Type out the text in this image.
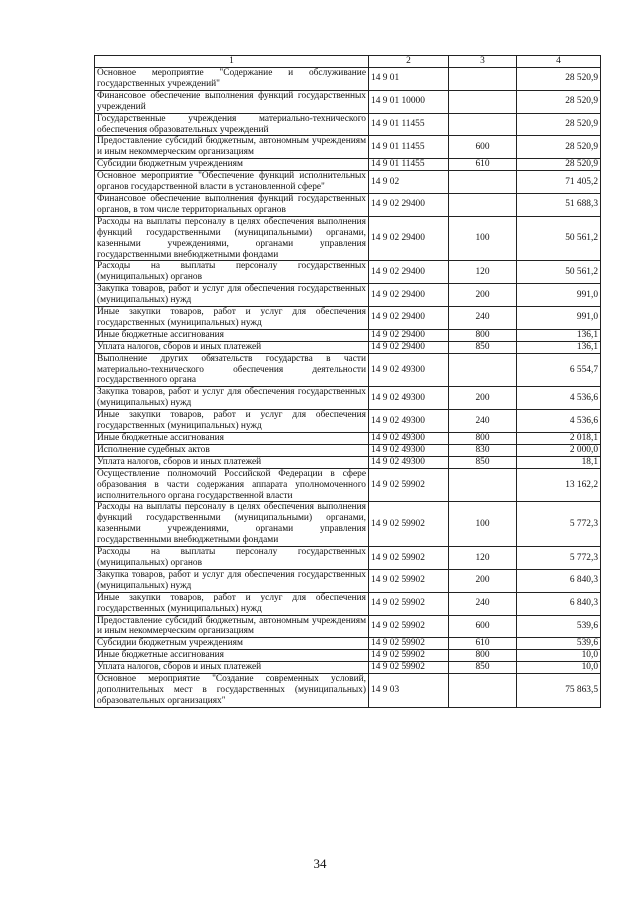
1	2	3	4
Основное мероприятие "Содержание и обслуживание государственных учреждений"	14 9 01		28 520,9
Финансовое обеспечение выполнения функций государственных учреждений	14 9 01 10000		28 520,9
Государственные учреждения материально-технического обеспечения образовательных учреждений	14 9 01 11455		28 520,9
Предоставление субсидий бюджетным, автономным учреждениям и иным некоммерческим организациям	14 9 01 11455	600	28 520,9
Субсидии бюджетным учреждениям	14 9 01 11455	610	28 520,9
Основное мероприятие "Обеспечение функций исполнительных органов государственной власти в установленной сфере"	14 9 02		71 405,2
Финансовое обеспечение выполнения функций государственных органов, в том числе территориальных органов	14 9 02 29400		51 688,3
Расходы на выплаты персоналу в целях обеспечения выполнения функций государственными (муниципальными) органами, казенными учреждениями, органами управления государственными внебюджетными фондами	14 9 02 29400	100	50 561,2
Расходы на выплаты персоналу государственных (муниципальных) органов	14 9 02 29400	120	50 561,2
Закупка товаров, работ и услуг для обеспечения государственных (муниципальных) нужд	14 9 02 29400	200	991,0
Иные закупки товаров, работ и услуг для обеспечения государственных (муниципальных) нужд	14 9 02 29400	240	991,0
Иные бюджетные ассигнования	14 9 02 29400	800	136,1
Уплата налогов, сборов и иных платежей	14 9 02 29400	850	136,1
Выполнение других обязательств государства в части материально-технического обеспечения деятельности государственного органа	14 9 02 49300		6 554,7
Закупка товаров, работ и услуг для обеспечения государственных (муниципальных) нужд	14 9 02 49300	200	4 536,6
Иные закупки товаров, работ и услуг для обеспечения государственных (муниципальных) нужд	14 9 02 49300	240	4 536,6
Иные бюджетные ассигнования	14 9 02 49300	800	2 018,1
Исполнение судебных актов	14 9 02 49300	830	2 000,0
Уплата налогов, сборов и иных платежей	14 9 02 49300	850	18,1
Осуществление полномочий Российской Федерации в сфере образования в части содержания аппарата уполномоченного исполнительного органа государственной власти	14 9 02 59902		13 162,2
Расходы на выплаты персоналу в целях обеспечения выполнения функций государственными (муниципальными) органами, казенными учреждениями, органами управления государственными внебюджетными фондами	14 9 02 59902	100	5 772,3
Расходы на выплаты персоналу государственных (муниципальных) органов	14 9 02 59902	120	5 772,3
Закупка товаров, работ и услуг для обеспечения государственных (муниципальных) нужд	14 9 02 59902	200	6 840,3
Иные закупки товаров, работ и услуг для обеспечения государственных (муниципальных) нужд	14 9 02 59902	240	6 840,3
Предоставление субсидий бюджетным, автономным учреждениям и иным некоммерческим организациям	14 9 02 59902	600	539,6
Субсидии бюджетным учреждениям	14 9 02 59902	610	539,6
Иные бюджетные ассигнования	14 9 02 59902	800	10,0
Уплата налогов, сборов и иных платежей	14 9 02 59902	850	10,0
Основное мероприятие "Создание современных условий, дополнительных мест в государственных (муниципальных) образовательных организациях"	14 9 03		75 863,5
34
